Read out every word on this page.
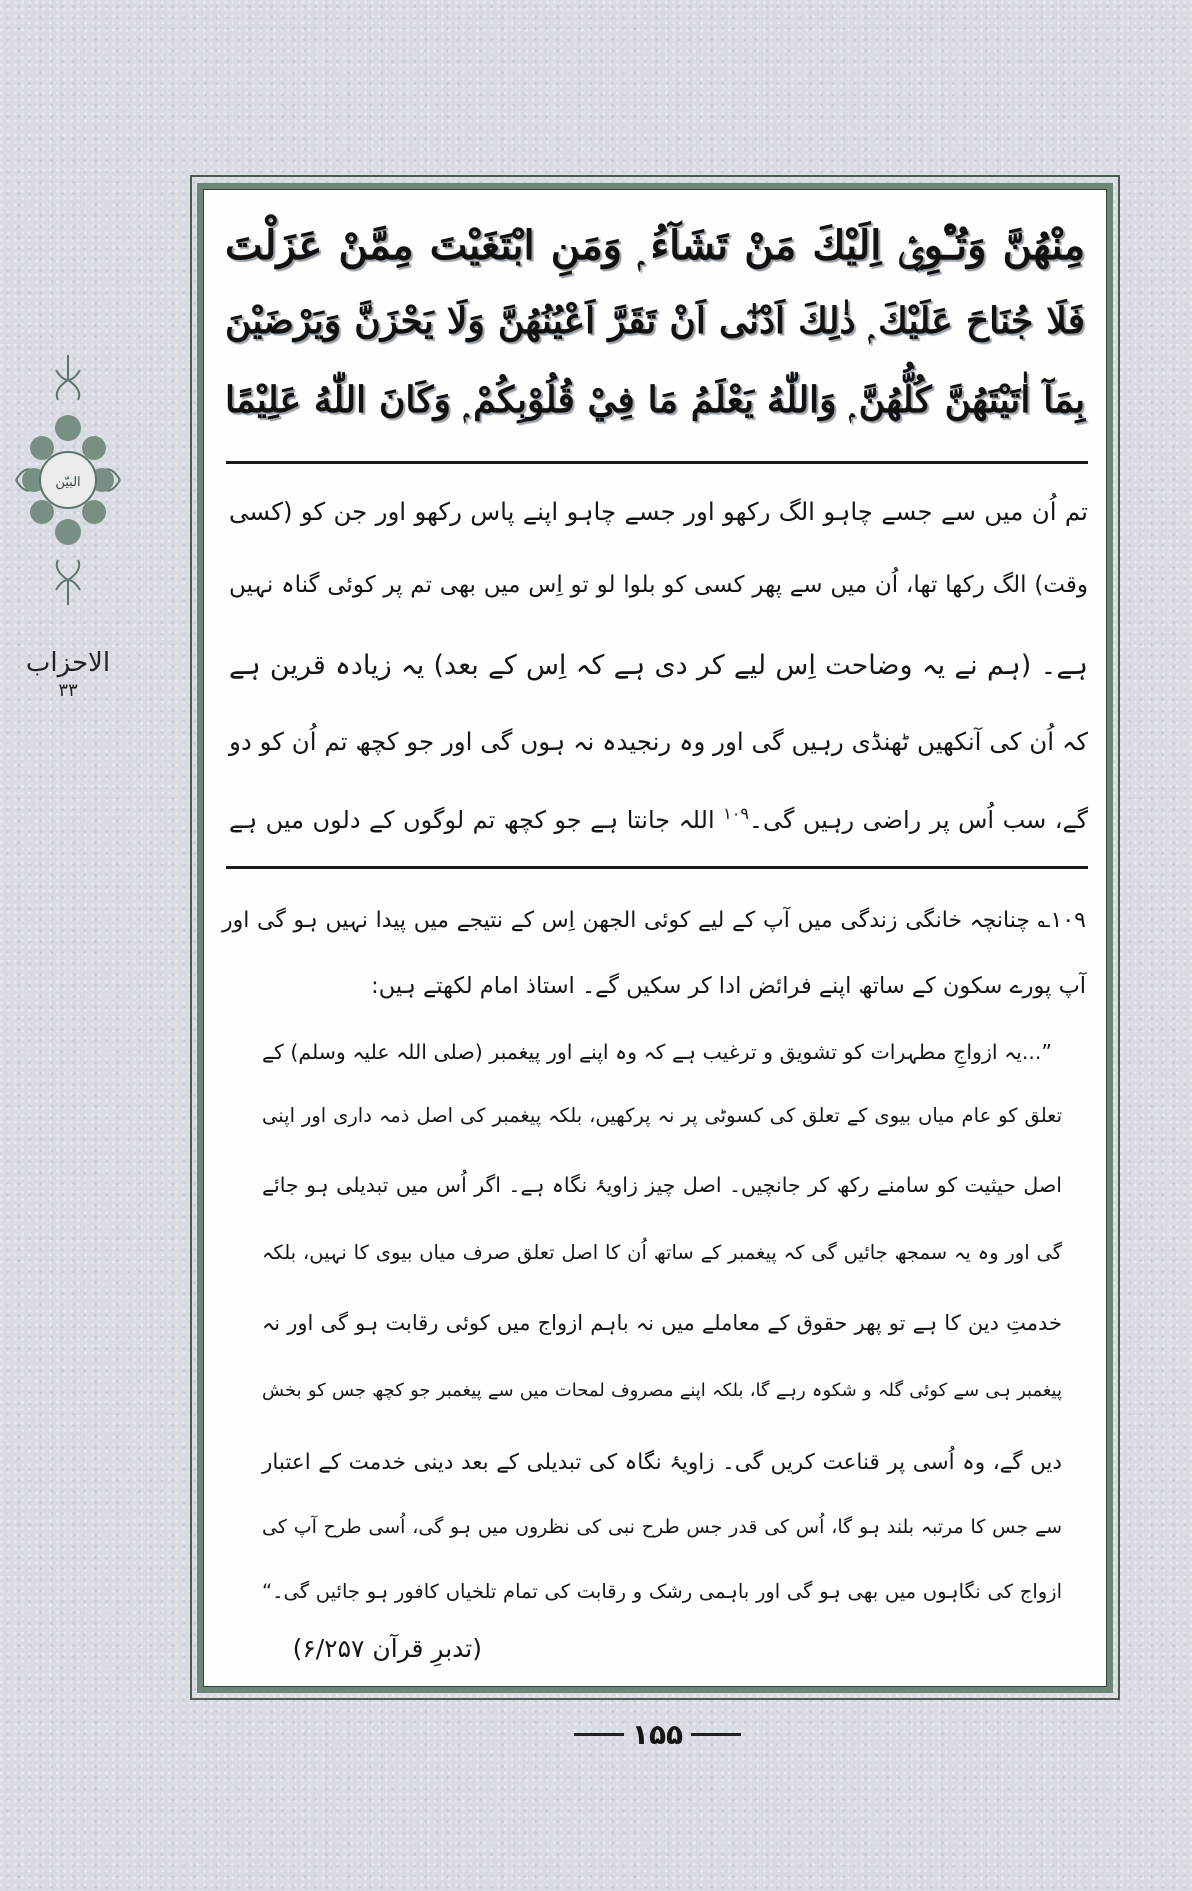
البیّن
الاحزاب
۳۳
مِنْهُنَّ وَتُـْٔوِيْۤ اِلَيْكَ مَنْ تَشَآءُ ۭ وَمَنِ ابْتَغَيْتَ مِمَّنْ عَزَلْتَ
فَلَا جُنَاحَ عَلَيْكَ ۭ ذٰلِكَ اَدْنٰٓى اَنْ تَقَرَّ اَعْيُنُهُنَّ وَلَا يَحْزَنَّ وَيَرْضَيْنَ
بِمَآ اٰتَيْتَهُنَّ كُلُّهُنَّ ۭ وَاللّٰهُ يَعْلَمُ مَا فِيْ قُلُوْبِكُمْ ۭ وَكَانَ اللّٰهُ عَلِيْمًا
تم اُن میں سے جسے چاہو الگ رکھو اور جسے چاہو اپنے پاس رکھو اور جن کو (کسی
وقت) الگ رکھا تھا، اُن میں سے پھر کسی کو بلوا لو تو اِس میں بھی تم پر کوئی گناہ نہیں
ہے۔ (ہم نے یہ وضاحت اِس لیے کر دی ہے کہ اِس کے بعد) یہ زیادہ قرین ہے
کہ اُن کی آنکھیں ٹھنڈی رہیں گی اور وہ رنجیدہ نہ ہوں گی اور جو کچھ تم اُن کو دو
گے، سب اُس پر راضی رہیں گی۔$^{۱۰۹}$ اللہ جانتا ہے جو کچھ تم لوگوں کے دلوں میں ہے
۱۰۹؎ چنانچہ خانگی زندگی میں آپ کے لیے کوئی الجھن اِس کے نتیجے میں پیدا نہیں ہو گی اور
آپ پورے سکون کے ساتھ اپنے فرائض ادا کر سکیں گے۔ استاذ امام لکھتے ہیں:
”...یہ ازواجِ مطہرات کو تشویق و ترغیب ہے کہ وہ اپنے اور پیغمبر (صلی اللہ علیہ وسلم) کے
تعلق کو عام میاں بیوی کے تعلق کی کسوٹی پر نہ پرکھیں، بلکہ پیغمبر کی اصل ذمہ داری اور اپنی
اصل حیثیت کو سامنے رکھ کر جانچیں۔ اصل چیز زاویۂ نگاہ ہے۔ اگر اُس میں تبدیلی ہو جائے
گی اور وہ یہ سمجھ جائیں گی کہ پیغمبر کے ساتھ اُن کا اصل تعلق صرف میاں بیوی کا نہیں، بلکہ
خدمتِ دین کا ہے تو پھر حقوق کے معاملے میں نہ باہم ازواج میں کوئی رقابت ہو گی اور نہ
پیغمبر ہی سے کوئی گلہ و شکوہ رہے گا، بلکہ اپنے مصروف لمحات میں سے پیغمبر جو کچھ جس کو بخش
دیں گے، وہ اُسی پر قناعت کریں گی۔ زاویۂ نگاہ کی تبدیلی کے بعد دینی خدمت کے اعتبار
سے جس کا مرتبہ بلند ہو گا، اُس کی قدر جس طرح نبی کی نظروں میں ہو گی، اُسی طرح آپ کی
ازواج کی نگاہوں میں بھی ہو گی اور باہمی رشک و رقابت کی تمام تلخیاں کافور ہو جائیں گی۔“
(تدبرِ قرآن ۶/۲۵۷)
۱۵۵
